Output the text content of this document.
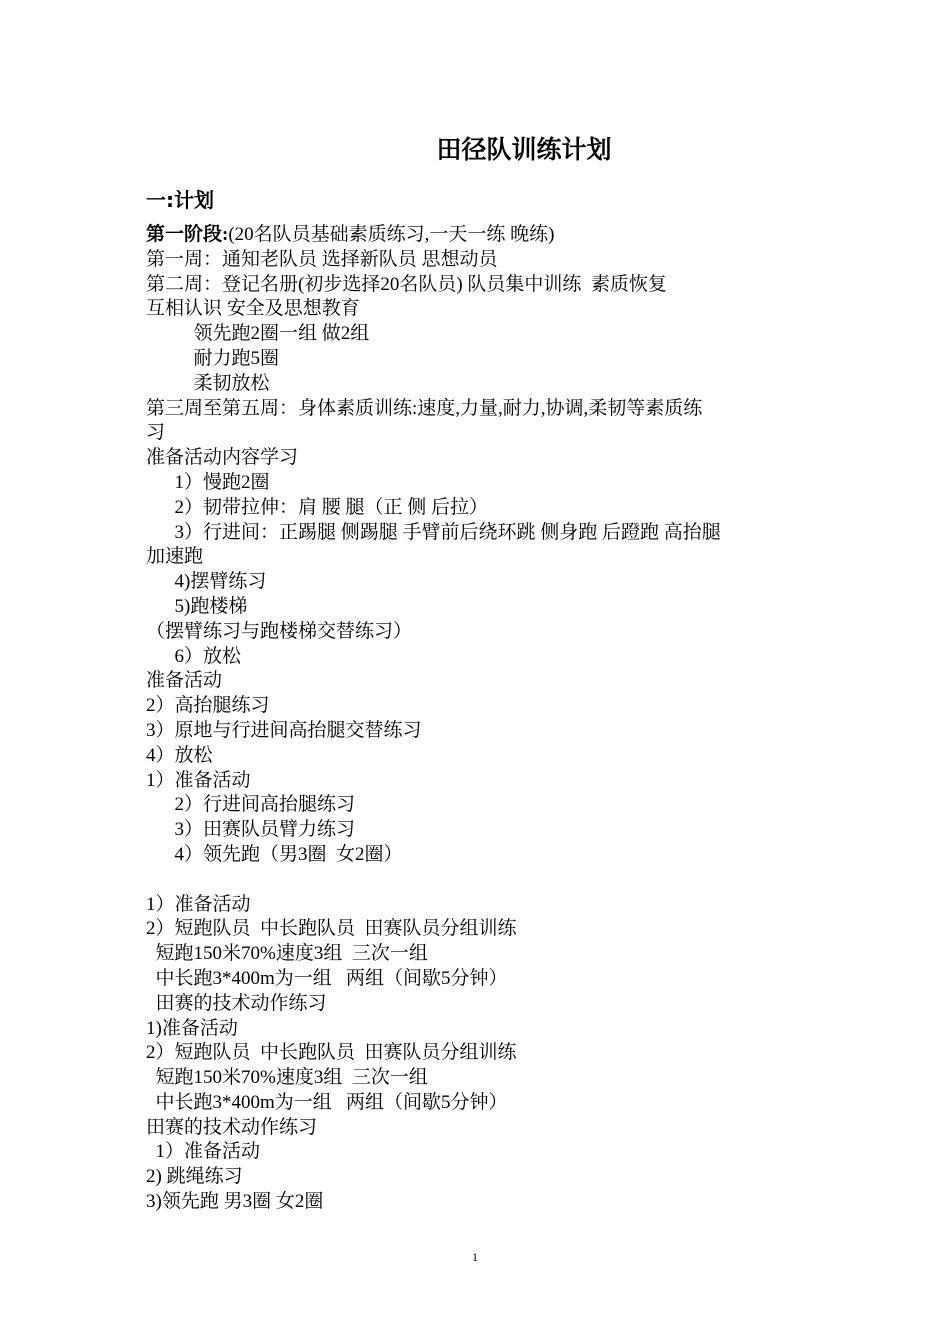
田径队训练计划
一:计划
第一阶段:(20名队员基础素质练习,一天一练 晚练)
第一周：通知老队员 选择新队员 思想动员
第二周：登记名册(初步选择20名队员) 队员集中训练  素质恢复
互相认识 安全及思想教育
领先跑2圈一组 做2组
耐力跑5圈
柔韧放松
第三周至第五周：身体素质训练:速度,力量,耐力,协调,柔韧等素质练
习
准备活动内容学习
1）慢跑2圈
2）韧带拉伸：肩 腰 腿（正 侧 后拉）
3）行进间：正踢腿 侧踢腿 手臂前后绕环跳 侧身跑 后蹬跑 高抬腿
加速跑
4)摆臂练习
5)跑楼梯
（摆臂练习与跑楼梯交替练习）
6）放松
准备活动
2）高抬腿练习
3）原地与行进间高抬腿交替练习
4）放松
1）准备活动
2）行进间高抬腿练习
3）田赛队员臂力练习
4）领先跑（男3圈  女2圈）
1）准备活动
2）短跑队员  中长跑队员  田赛队员分组训练
短跑150米70%速度3组  三次一组
中长跑3*400m为一组   两组（间歇5分钟）
田赛的技术动作练习
1)准备活动
2）短跑队员  中长跑队员  田赛队员分组训练
短跑150米70%速度3组  三次一组
中长跑3*400m为一组   两组（间歇5分钟）
田赛的技术动作练习
1）准备活动
2) 跳绳练习
3)领先跑 男3圈 女2圈
1
